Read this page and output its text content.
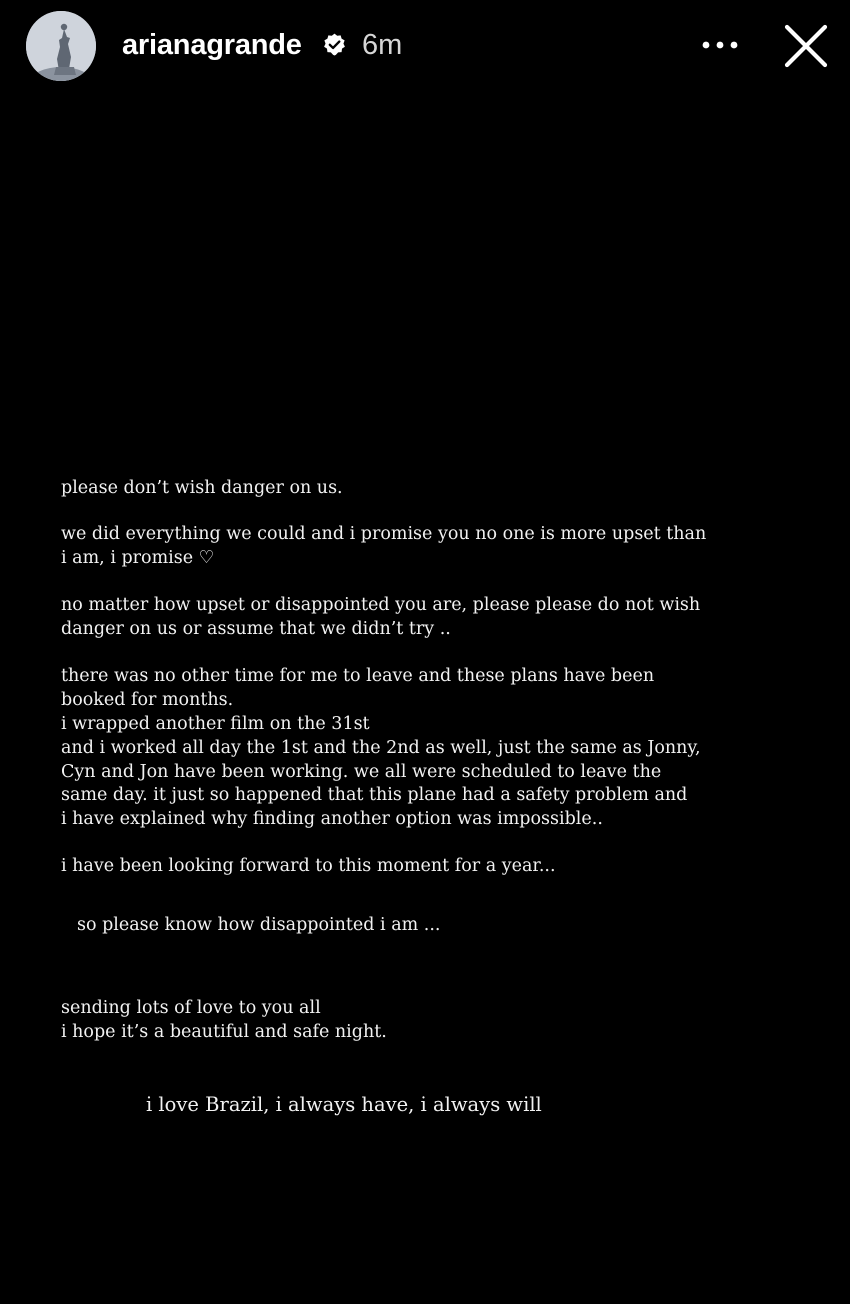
arianagrande 6m
please don’t wish danger on us.
we did everything we could and i promise you no one is more upset than
i am, i promise ♡
no matter how upset or disappointed you are, please please do not wish
danger on us or assume that we didn’t try ..
there was no other time for me to leave and these plans have been
booked for months.
i wrapped another film on the 31st
and i worked all day the 1st and the 2nd as well, just the same as Jonny,
Cyn and Jon have been working. we all were scheduled to leave the
same day. it just so happened that this plane had a safety problem and
i have explained why finding another option was impossible..
i have been looking forward to this moment for a year...
so please know how disappointed i am ...
sending lots of love to you all
i hope it’s a beautiful and safe night.
i love Brazil, i always have, i always will
